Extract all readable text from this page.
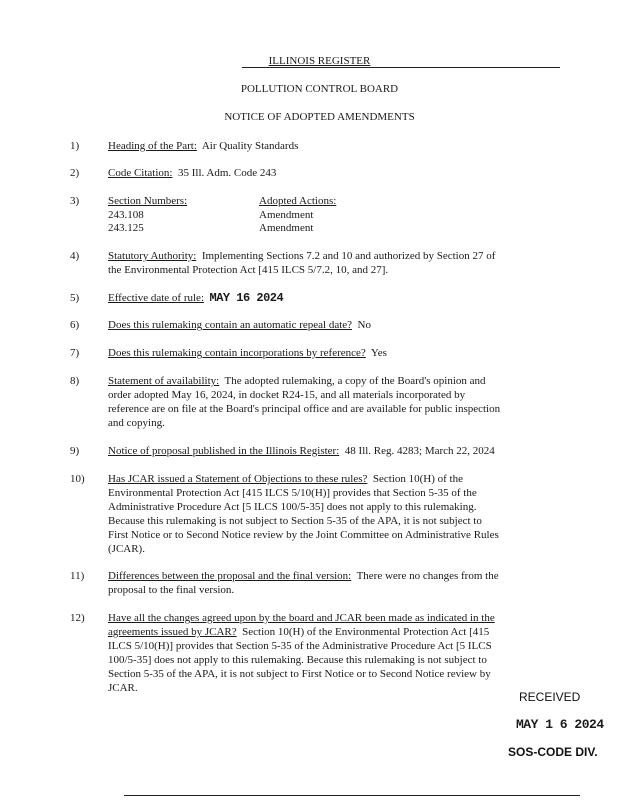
ILLINOIS REGISTER
POLLUTION CONTROL BOARD
NOTICE OF ADOPTED AMENDMENTS
1)	Heading of the Part: Air Quality Standards
2)	Code Citation: 35 Ill. Adm. Code 243
3)	Section Numbers:	Adopted Actions:
243.108	Amendment
243.125	Amendment
4)	Statutory Authority: Implementing Sections 7.2 and 10 and authorized by Section 27 of
the Environmental Protection Act [415 ILCS 5/7.2, 10, and 27].
5)	Effective date of rule: MAY 16 2024
6)	Does this rulemaking contain an automatic repeal date? No
7)	Does this rulemaking contain incorporations by reference? Yes
8)	Statement of availability: The adopted rulemaking, a copy of the Board's opinion and
order adopted May 16, 2024, in docket R24-15, and all materials incorporated by
reference are on file at the Board's principal office and are available for public inspection
and copying.
9)	Notice of proposal published in the Illinois Register: 48 Ill. Reg. 4283; March 22, 2024
10) Has JCAR issued a Statement of Objections to these rules? Section 10(H) of the
Environmental Protection Act [415 ILCS 5/10(H)] provides that Section 5-35 of the
Administrative Procedure Act [5 ILCS 100/5-35] does not apply to this rulemaking.
Because this rulemaking is not subject to Section 5-35 of the APA, it is not subject to
First Notice or to Second Notice review by the Joint Committee on Administrative Rules
(JCAR).
11) Differences between the proposal and the final version: There were no changes from the
proposal to the final version.
12) Have all the changes agreed upon by the board and JCAR been made as indicated in the
agreements issued by JCAR? Section 10(H) of the Environmental Protection Act [415
ILCS 5/10(H)] provides that Section 5-35 of the Administrative Procedure Act [5 ILCS
100/5-35] does not apply to this rulemaking. Because this rulemaking is not subject to
Section 5-35 of the APA, it is not subject to First Notice or to Second Notice review by
JCAR.
RECEIVED
MAY 1 6 2024
SOS-CODE DIV.
